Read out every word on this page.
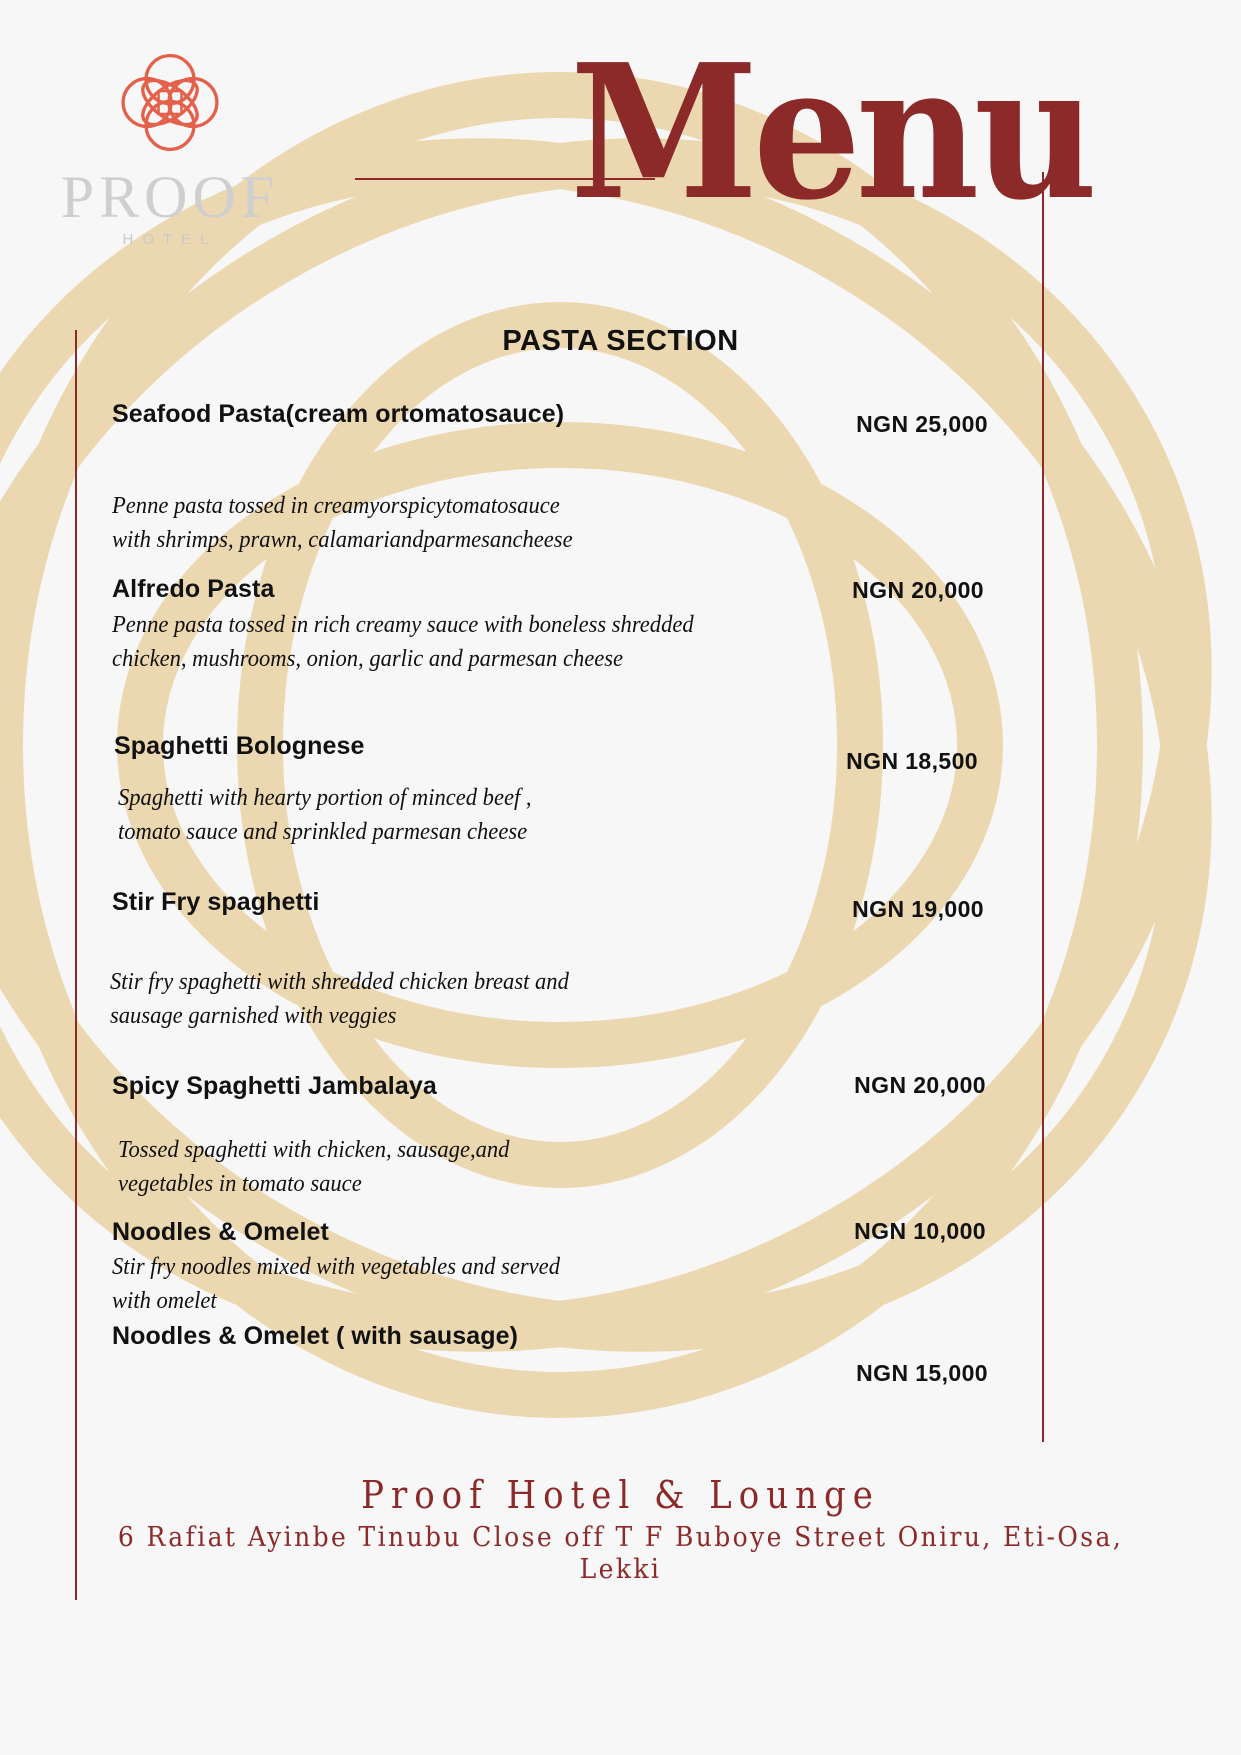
PROOF
HOTEL	Menu
PASTA SECTION
Seafood Pasta(cream ortomatosauce)
Penne pasta tossed in creamyorspicytomatosauce
with shrimps, prawn, calamariandparmesancheese
NGN 25,000
Alfredo Pasta
Penne pasta tossed in rich creamy sauce with boneless shredded
chicken, mushrooms, onion, garlic and parmesan cheese
NGN 20,000
Spaghetti Bolognese
Spaghetti with hearty portion of minced beef ,
tomato sauce and sprinkled parmesan cheese
NGN 18,500
Stir Fry spaghetti
Stir fry spaghetti with shredded chicken breast and
sausage garnished with veggies
NGN 19,000
Spicy Spaghetti Jambalaya
Tossed spaghetti with chicken, sausage,and
vegetables in tomato sauce
NGN 20,000
Noodles & Omelet
Stir fry noodles mixed with vegetables and served
with omelet
NGN 10,000
Noodles & Omelet ( with sausage)
NGN 15,000
Proof Hotel & Lounge
6 Rafiat Ayinbe Tinubu Close off T F Buboye Street Oniru, Eti-Osa,
Lekki
